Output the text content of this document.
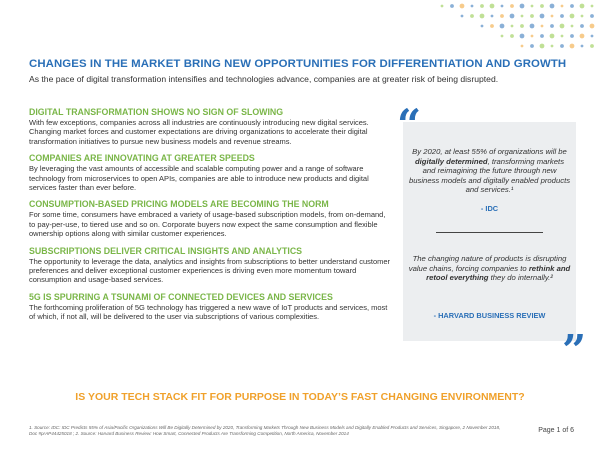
CHANGES IN THE MARKET BRING NEW OPPORTUNITIES FOR DIFFERENTIATION AND GROWTH
As the pace of digital transformation intensifies and technologies advance, companies are at greater risk of being disrupted.

DIGITAL TRANSFORMATION SHOWS NO SIGN OF SLOWING

With few exceptions, companies across all industries are continuously introducing new digital services. Changing market forces and customer expectations are driving organizations to accelerate their digital transformation initiatives to pursue new business models and revenue streams.

COMPANIES ARE INNOVATING AT GREATER SPEEDS

By leveraging the vast amounts of accessible and scalable computing power and a range of software technology from microservices to open APIs, companies are able to introduce new products and digital services faster than ever before.

CONSUMPTION-BASED PRICING MODELS ARE BECOMING THE NORM

For some time, consumers have embraced a variety of usage-based subscription models, from on-demand, to pay-per-use, to tiered use and so on. Corporate buyers now expect the same consumption and flexible ownership options along with similar customer experiences.

SUBSCRIPTIONS DELIVER CRITICAL INSIGHTS AND ANALYTICS

The opportunity to leverage the data, analytics and insights from subscriptions to better understand customer preferences and deliver exceptional customer experiences is driving even more momentum toward consumption and usage-based services.

5G IS SPURRING A TSUNAMI OF CONNECTED DEVICES AND SERVICES

The forthcoming proliferation of 5G technology has triggered a new wave of IoT products and services, most of which, if not all, will be delivered to the user via subscriptions of various complexities.

“
”
By 2020, at least 55% of organizations will be digitally determined, transforming markets and reimagining the future through new business models and digitally enabled products and services.¹
- IDC
The changing nature of products is disrupting value chains, forcing companies to rethink and retool everything they do internally.²
- HARVARD BUSINESS REVIEW
IS YOUR TECH STACK FIT FOR PURPOSE IN TODAY’S FAST CHANGING ENVIRONMENT?
1. Source: IDC: IDC Predicts 55% of Asia/Pacific Organizations Will Be Digitally Determined by 2020, Transforming Markets Through New Business Models and Digitally Enabled Products and Services, Singapore, 2 November 2018, Doc #prAP44425018 ; 2. Source: Harvard Business Review: How Smart, Connected Products Are Transforming Competition, North America, November 2014	Page 1 of 6
